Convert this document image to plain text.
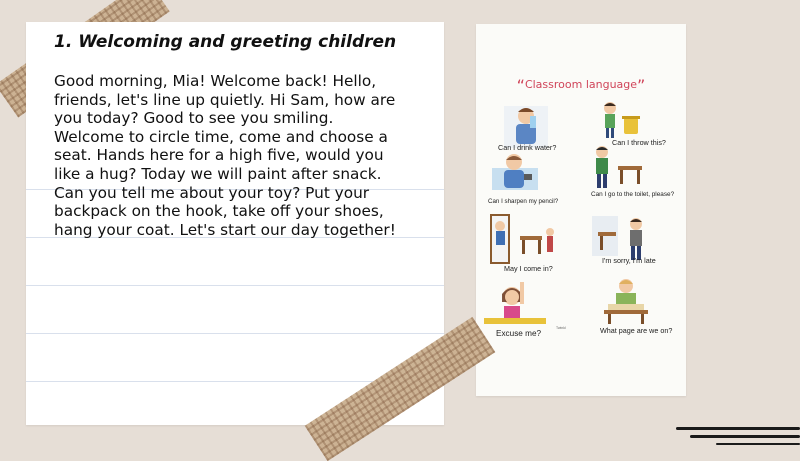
1. Welcoming and greeting children

Good morning, Mia! Welcome back! Hello, friends, let's line up quietly. Hi Sam, how are you today? Good to see you smiling. Welcome to circle time, come and choose a seat. Hands here for a high five, would you like a hug? Today we will paint after snack. Can you tell me about your toy? Put your backpack on the hook, take off your shoes, hang your coat. Let's start our day together!

“Classroom language”
Can I drink water?
Can I throw this?
Can I sharpen my pencil?
Can I go to the toilet, please?
May I come in?
I'm sorry, I'm late
Excuse me?
Twinkl	What page are we on?
